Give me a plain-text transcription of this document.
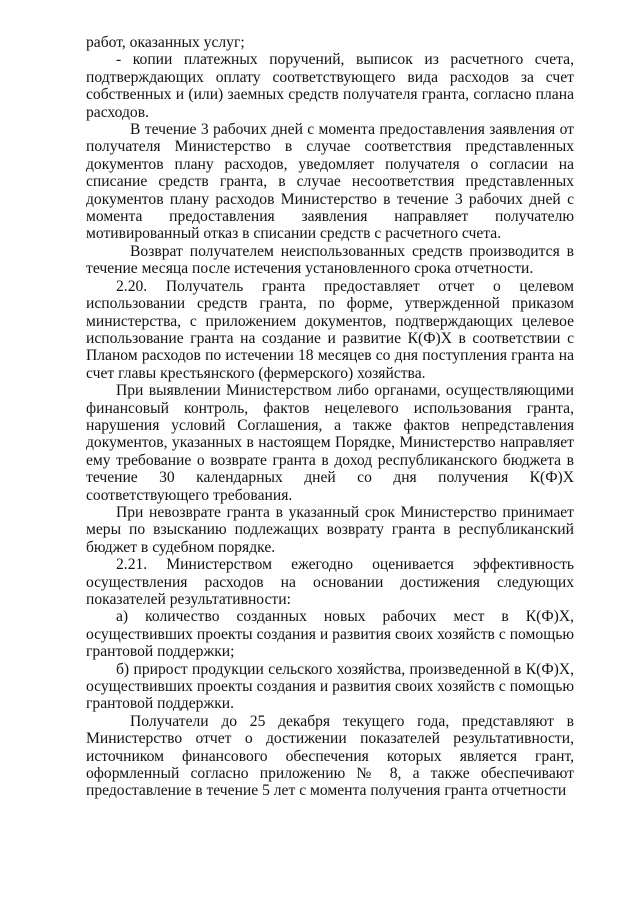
работ, оказанных услуг;

- копии платежных поручений, выписок из расчетного счета, подтверждающих оплату соответствующего вида расходов за счет собственных и (или) заемных средств получателя гранта, согласно плана расходов.

В течение 3 рабочих дней с момента предоставления заявления от получателя Министерство в случае соответствия представленных документов плану расходов, уведомляет получателя о согласии на списание средств гранта, в случае несоответствия представленных документов плану расходов Министерство в течение 3 рабочих дней с момента предоставления заявления направляет получателю мотивированный отказ в списании средств с расчетного счета.

Возврат получателем неиспользованных средств производится в течение месяца после истечения установленного срока отчетности.

2.20. Получатель гранта предоставляет отчет о целевом использовании средств гранта, по форме, утвержденной приказом министерства, с приложением документов, подтверждающих целевое использование гранта на создание и развитие К(Ф)Х в соответствии с Планом расходов по истечении 18 месяцев со дня поступления гранта на счет главы крестьянского (фермерского) хозяйства.

При выявлении Министерством либо органами, осуществляющими финансовый контроль, фактов нецелевого использования гранта, нарушения условий Соглашения, а также фактов непредставления документов, указанных в настоящем Порядке, Министерство направляет ему требование о возврате гранта в доход республиканского бюджета в течение 30 календарных дней со дня получения К(Ф)Х соответствующего требования.

При невозврате гранта в указанный срок Министерство принимает меры по взысканию подлежащих возврату гранта в республиканский бюджет в судебном порядке.

2.21. Министерством ежегодно оценивается эффективность осуществления расходов на основании достижения следующих показателей результативности:

а) количество созданных новых рабочих мест в К(Ф)Х, осуществивших проекты создания и развития своих хозяйств с помощью грантовой поддержки;

б) прирост продукции сельского хозяйства, произведенной в К(Ф)Х, осуществивших проекты создания и развития своих хозяйств с помощью грантовой поддержки.

Получатели до 25 декабря текущего года, представляют в Министерство отчет о достижении показателей результативности, источником финансового обеспечения которых является грант, оформленный согласно приложению № 8, а также обеспечивают предоставление в течение 5 лет с момента получения гранта отчетности
